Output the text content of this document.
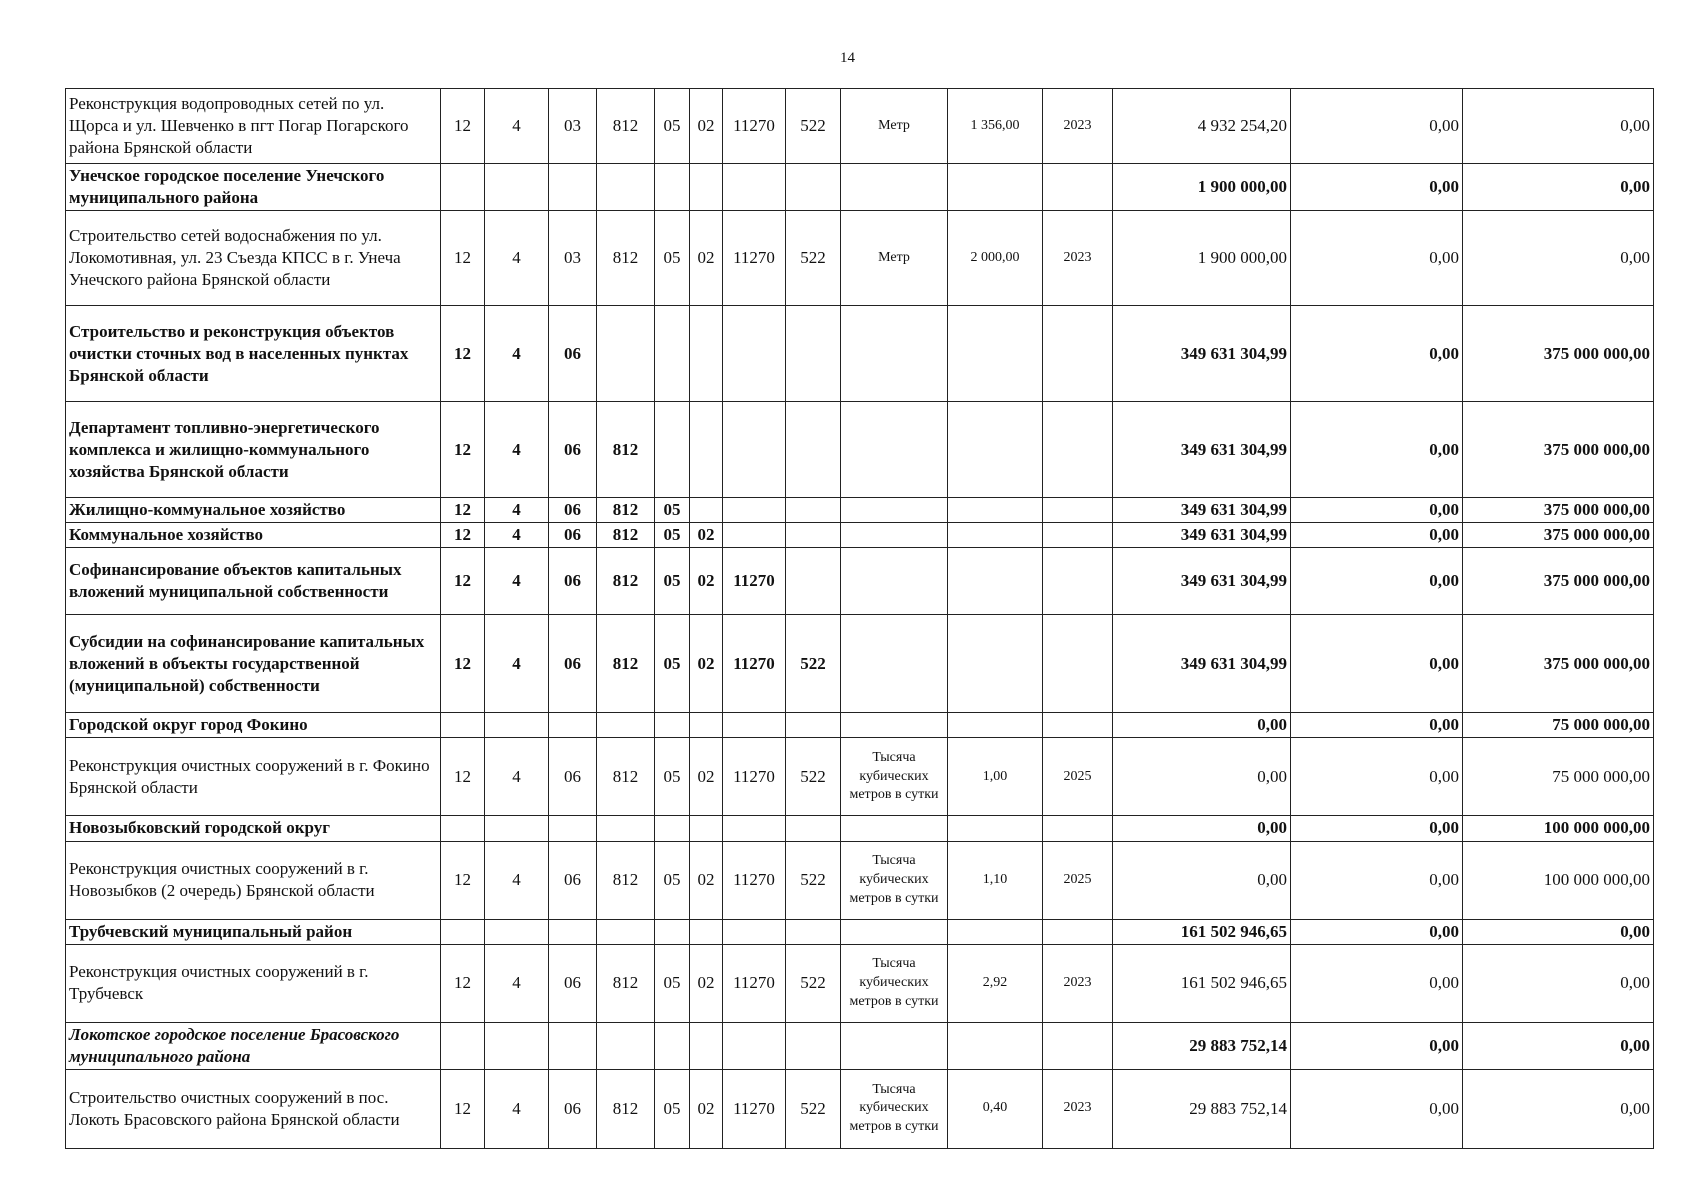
14
Реконструкция водопроводных сетей по ул. Щорса и ул. Шевченко в пгт Погар Погарского района Брянской области	12	4	03	812	05	02	11270	522	Метр	1 356,00	2023	4 932 254,20	0,00	0,00
Унечское городское поселение Унечского муниципального района												1 900 000,00	0,00	0,00
Строительство сетей водоснабжения по ул. Локомотивная, ул. 23 Съезда КПСС в г. Унеча Унечского района Брянской области	12	4	03	812	05	02	11270	522	Метр	2 000,00	2023	1 900 000,00	0,00	0,00
Строительство и реконструкция объектов очистки сточных вод в населенных пунктах Брянской области	12	4	06									349 631 304,99	0,00	375 000 000,00
Департамент топливно-энергетического комплекса и жилищно-коммунального хозяйства Брянской области	12	4	06	812								349 631 304,99	0,00	375 000 000,00
Жилищно-коммунальное хозяйство	12	4	06	812	05							349 631 304,99	0,00	375 000 000,00
Коммунальное хозяйство	12	4	06	812	05	02						349 631 304,99	0,00	375 000 000,00
Софинансирование объектов капитальных вложений муниципальной собственности	12	4	06	812	05	02	11270					349 631 304,99	0,00	375 000 000,00
Субсидии на софинансирование капитальных вложений в объекты государственной (муниципальной) собственности	12	4	06	812	05	02	11270	522				349 631 304,99	0,00	375 000 000,00
Городской округ город Фокино												0,00	0,00	75 000 000,00
Реконструкция очистных сооружений в г. Фокино Брянской области	12	4	06	812	05	02	11270	522	Тысяча кубических метров в сутки	1,00	2025	0,00	0,00	75 000 000,00
Новозыбковский городской округ												0,00	0,00	100 000 000,00
Реконструкция очистных сооружений в г. Новозыбков (2 очередь) Брянской области	12	4	06	812	05	02	11270	522	Тысяча кубических метров в сутки	1,10	2025	0,00	0,00	100 000 000,00
Трубчевский муниципальный район												161 502 946,65	0,00	0,00
Реконструкция очистных сооружений в г. Трубчевск	12	4	06	812	05	02	11270	522	Тысяча кубических метров в сутки	2,92	2023	161 502 946,65	0,00	0,00
Локотское городское поселение Брасовского муниципального района												29 883 752,14	0,00	0,00
Строительство очистных сооружений в пос. Локоть Брасовского района Брянской области	12	4	06	812	05	02	11270	522	Тысяча кубических метров в сутки	0,40	2023	29 883 752,14	0,00	0,00
